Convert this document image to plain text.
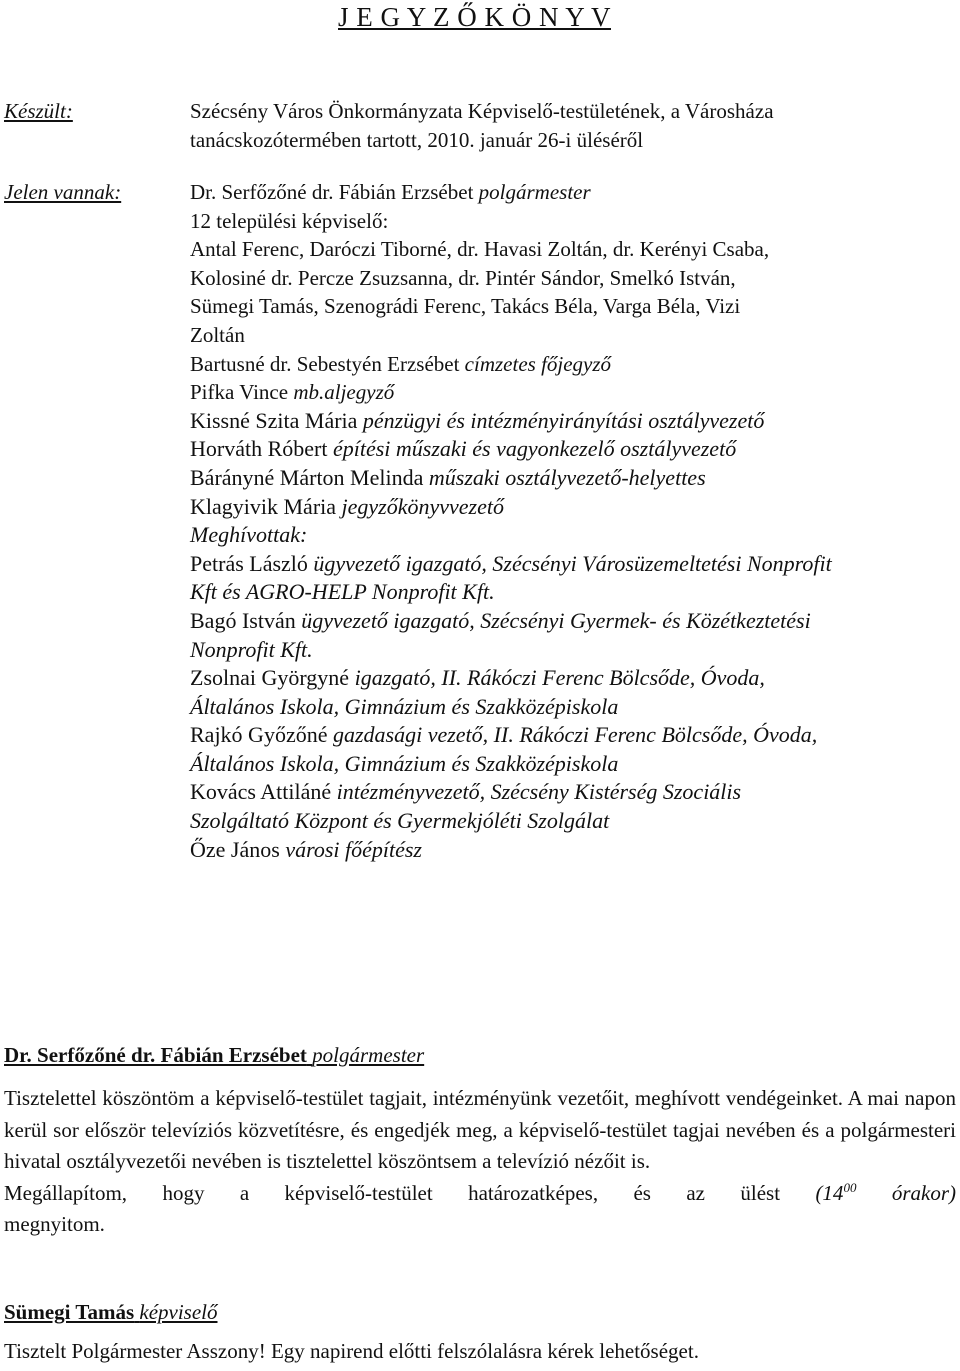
J E G Y Z Ő K Ö N Y V
Készült:	Szécsény Város Önkormányzata Képviselő-testületének, a Városháza

tanácskozótermében tartott, 2010. január 26-i üléséről

Jelen vannak:	Dr. Serfőzőné dr. Fábián Erzsébet polgármester

12 települési képviselő:

Antal Ferenc, Daróczi Tiborné, dr. Havasi Zoltán, dr. Kerényi Csaba,

Kolosiné dr. Percze Zsuzsanna, dr. Pintér Sándor, Smelkó István,

Sümegi Tamás, Szenográdi Ferenc, Takács Béla, Varga Béla, Vizi

Zoltán

Bartusné dr. Sebestyén Erzsébet címzetes főjegyző

Pifka Vince mb.aljegyző

Kissné Szita Mária pénzügyi és intézményirányítási osztályvezető

Horváth Róbert építési műszaki és vagyonkezelő osztályvezető

Bárányné Márton Melinda műszaki osztályvezető-helyettes

Klagyivik Mária jegyzőkönyvvezető

Meghívottak:

Petrás László ügyvezető igazgató, Szécsényi Városüzemeltetési Nonprofit

Kft és AGRO-HELP Nonprofit Kft.

Bagó István ügyvezető igazgató, Szécsényi Gyermek- és Közétkeztetési

Nonprofit Kft.

Zsolnai Györgyné igazgató, II. Rákóczi Ferenc Bölcsőde, Óvoda,

Általános Iskola, Gimnázium és Szakközépiskola

Rajkó Győzőné gazdasági vezető, II. Rákóczi Ferenc Bölcsőde, Óvoda,

Általános Iskola, Gimnázium és Szakközépiskola

Kovács Attiláné intézményvezető, Szécsény Kistérség Szociális

Szolgáltató Központ és Gyermekjóléti Szolgálat

Őze János városi főépítész

Dr. Serfőzőné dr. Fábián Erzsébet polgármester

Tisztelettel köszöntöm a képviselő-testület tagjait, intézményünk vezetőit, meghívott vendégeinket. A mai napon kerül sor először televíziós közvetítésre, és engedjék meg, a képviselő-testület tagjai nevében és a polgármesteri hivatal osztályvezetői nevében is tisztelettel köszöntsem a televízió nézőit is.

Megállapítom, hogy a képviselő-testület határozatképes, és az ülést ($14^{00}$ órakor)

megnyitom.

Sümegi Tamás képviselő

Tisztelt Polgármester Asszony! Egy napirend előtti felszólalásra kérek lehetőséget.
